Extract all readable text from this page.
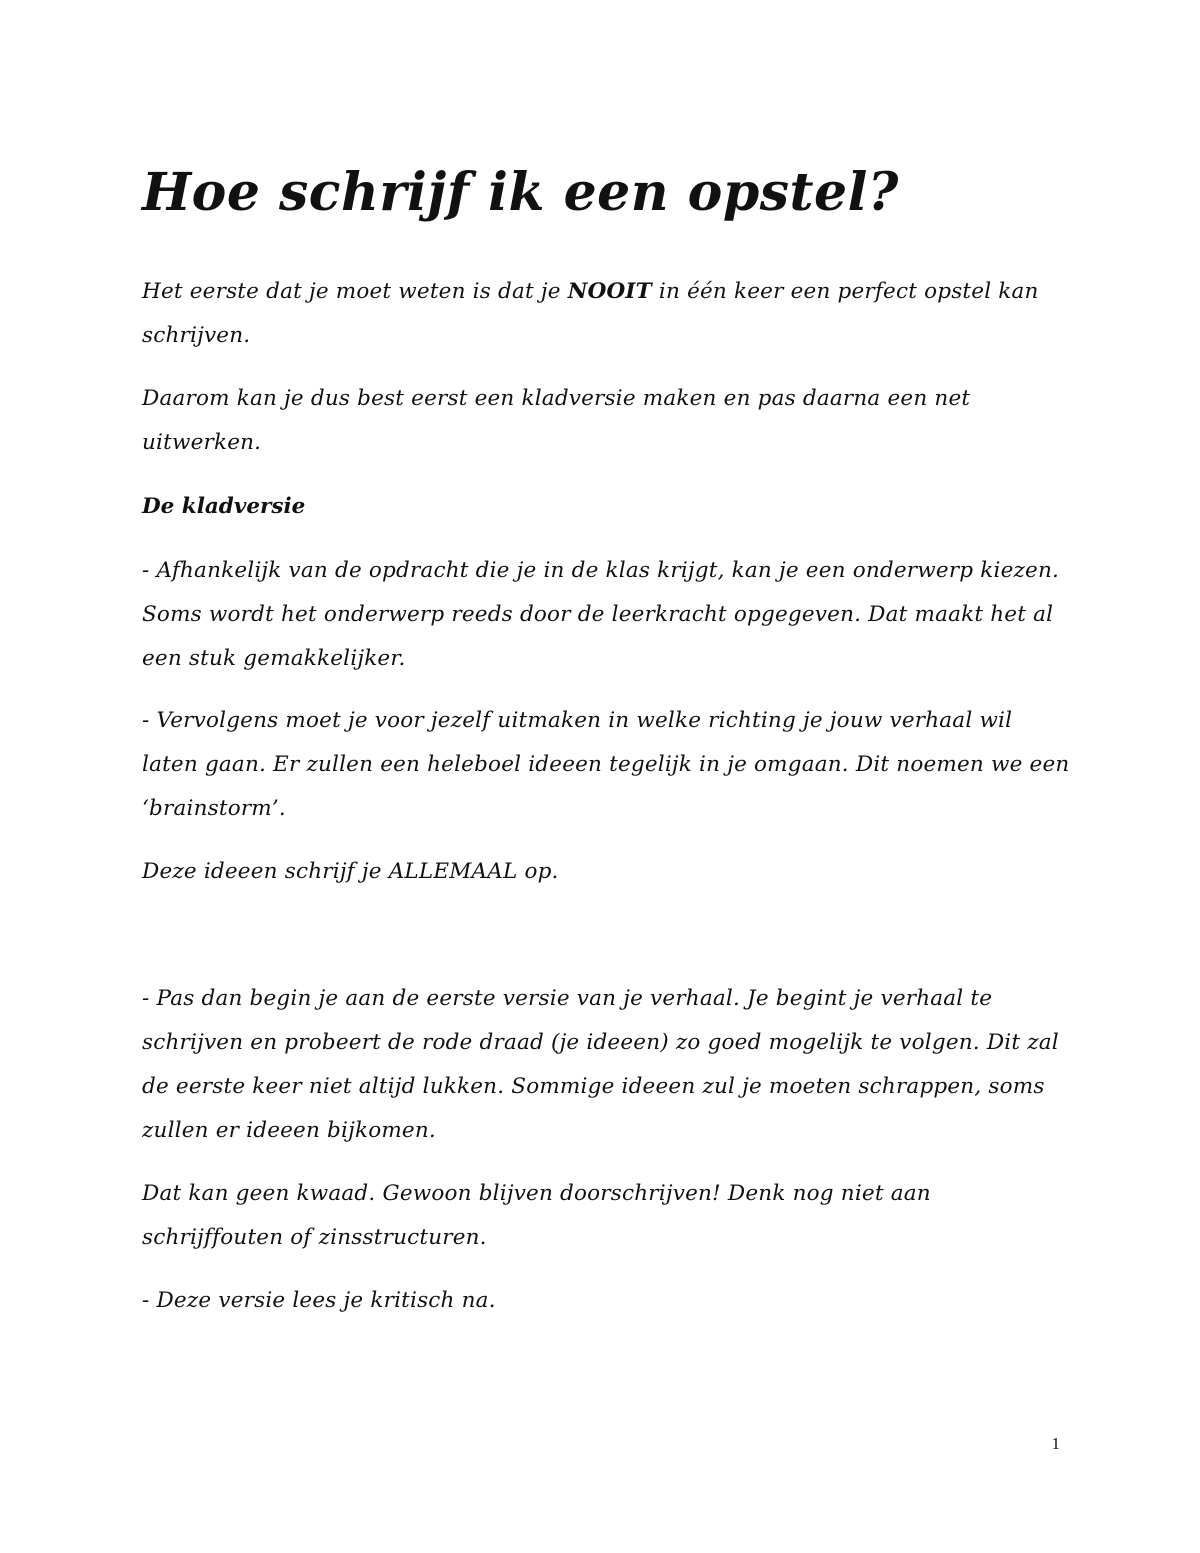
Hoe schrijf ik een opstel?

Het eerste dat je moet weten is dat je NOOIT in één keer een perfect opstel kan schrijven.

Daarom kan je dus best eerst een kladversie maken en pas daarna een net uitwerken.

De kladversie

- Afhankelijk van de opdracht die je in de klas krijgt, kan je een onderwerp kiezen. Soms wordt het onderwerp reeds door de leerkracht opgegeven. Dat maakt het al een stuk gemakkelijker.

- Vervolgens moet je voor jezelf uitmaken in welke richting je jouw verhaal wil laten gaan. Er zullen een heleboel ideeen tegelijk in je omgaan. Dit noemen we een ‘brainstorm’.

Deze ideeen schrijf je ALLEMAAL op.

- Pas dan begin je aan de eerste versie van je verhaal. Je begint je verhaal te schrijven en probeert de rode draad (je ideeen) zo goed mogelijk te volgen. Dit zal de eerste keer niet altijd lukken. Sommige ideeen zul je moeten schrappen, soms zullen er ideeen bijkomen.

Dat kan geen kwaad. Gewoon blijven doorschrijven! Denk nog niet aan schrijffouten of zinsstructuren.

- Deze versie lees je kritisch na.

1
